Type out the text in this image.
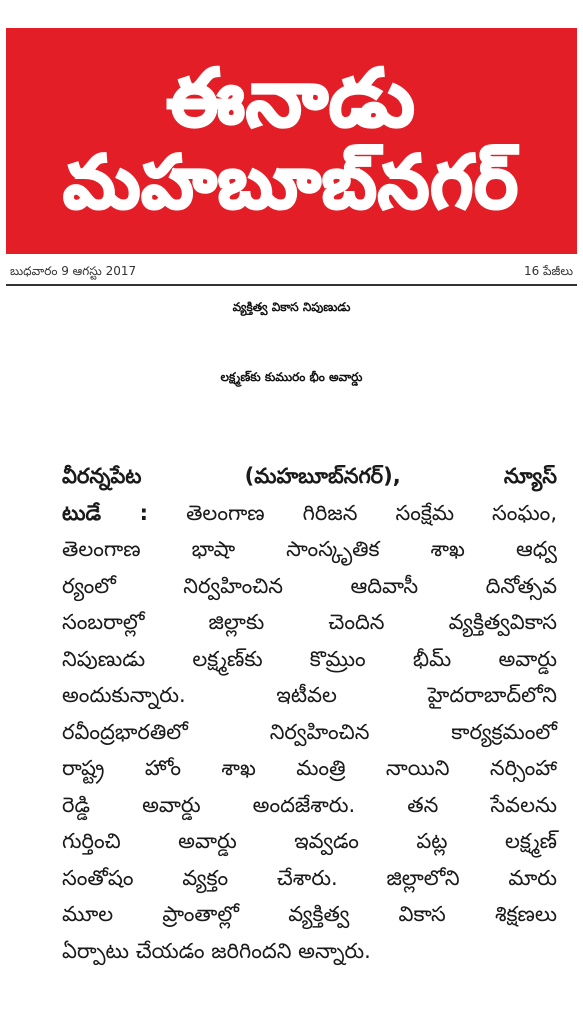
ఈనాడు
మహబూబ్‌నగర్
బుధవారం 9 ఆగస్టు 2017	16 పేజీలు
వ్యక్తిత్వ వికాస నిపుణుడు
లక్ష్మణ్‌కు కుమురం భీం అవార్డు
వీరన్నపేట (మహబూబ్‌నగర్), న్యూస్
టుడే : తెలంగాణ గిరిజన సంక్షేమ సంఘం,
తెలంగాణ భాషా సాంస్కృతిక శాఖ ఆధ్వ
ర్యంలో నిర్వహించిన ఆదివాసీ దినోత్సవ
సంబరాల్లో జిల్లాకు చెందిన వ్యక్తిత్వవికాస
నిపుణుడు లక్ష్మణ్‌కు కొమ్రుం భీమ్ అవార్డు
అందుకున్నారు. ఇటీవల హైదరాబాద్‌లోని
రవీంద్రభారతిలో నిర్వహించిన కార్యక్రమంలో
రాష్ట్ర హోం శాఖ మంత్రి నాయిని నర్సింహా
రెడ్డి అవార్డు అందజేశారు. తన సేవలను
గుర్తించి అవార్డు ఇవ్వడం పట్ల లక్ష్మణ్
సంతోషం వ్యక్తం చేశారు. జిల్లాలోని మారు
మూల ప్రాంతాల్లో వ్యక్తిత్వ వికాస శిక్షణలు
ఏర్పాటు చేయడం జరిగిందని అన్నారు.
